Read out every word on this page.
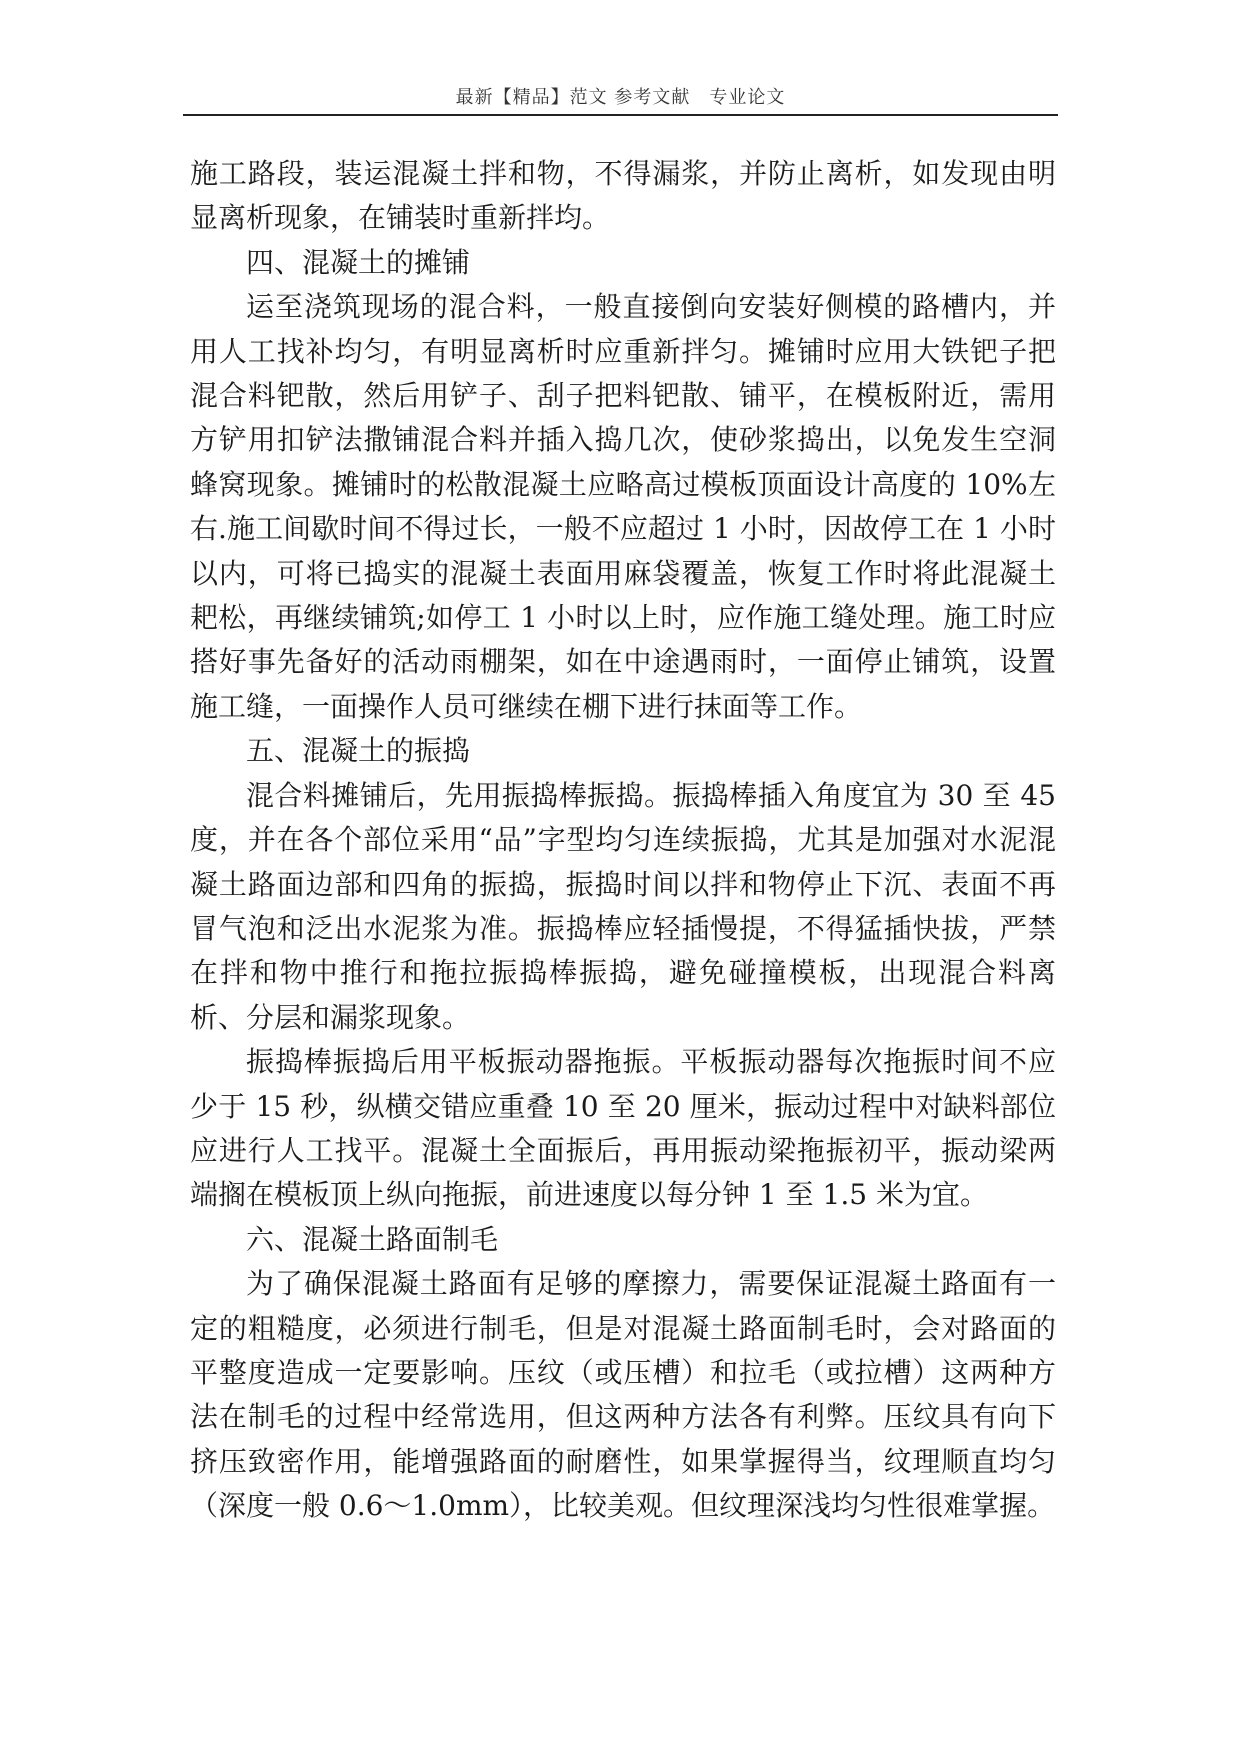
最新【精品】范文 参考文献　专业论文

施工路段，装运混凝土拌和物，不得漏浆，并防止离析，如发现由明显离析现象，在铺装时重新拌均。

四、混凝土的摊铺

运至浇筑现场的混合料，一般直接倒向安装好侧模的路槽内，并用人工找补均匀，有明显离析时应重新拌匀。摊铺时应用大铁钯子把混合料钯散，然后用铲子、刮子把料钯散、铺平，在模板附近，需用方铲用扣铲法撒铺混合料并插入捣几次，使砂浆捣出，以免发生空洞蜂窝现象。摊铺时的松散混凝土应略高过模板顶面设计高度的 10%左右.施工间歇时间不得过长，一般不应超过 1 小时，因故停工在 1 小时以内，可将已捣实的混凝土表面用麻袋覆盖，恢复工作时将此混凝土耙松，再继续铺筑;如停工 1 小时以上时，应作施工缝处理。施工时应搭好事先备好的活动雨棚架，如在中途遇雨时，一面停止铺筑，设置施工缝，一面操作人员可继续在棚下进行抹面等工作。

五、混凝土的振捣

混合料摊铺后，先用振捣棒振捣。振捣棒插入角度宜为 30 至 45 度，并在各个部位采用“品”字型均匀连续振捣，尤其是加强对水泥混凝土路面边部和四角的振捣，振捣时间以拌和物停止下沉、表面不再冒气泡和泛出水泥浆为准。振捣棒应轻插慢提，不得猛插快拔，严禁在拌和物中推行和拖拉振捣棒振捣，避免碰撞模板，出现混合料离析、分层和漏浆现象。

振捣棒振捣后用平板振动器拖振。平板振动器每次拖振时间不应少于 15 秒，纵横交错应重叠 10 至 20 厘米，振动过程中对缺料部位应进行人工找平。混凝土全面振后，再用振动梁拖振初平，振动梁两端搁在模板顶上纵向拖振，前进速度以每分钟 1 至 1.5 米为宜。

六、混凝土路面制毛

为了确保混凝土路面有足够的摩擦力，需要保证混凝土路面有一定的粗糙度，必须进行制毛，但是对混凝土路面制毛时，会对路面的平整度造成一定要影响。压纹（或压槽）和拉毛（或拉槽）这两种方法在制毛的过程中经常选用，但这两种方法各有利弊。压纹具有向下挤压致密作用，能增强路面的耐磨性，如果掌握得当，纹理顺直均匀（深度一般 0.6～1.0mm），比较美观。但纹理深浅均匀性很难掌握。
